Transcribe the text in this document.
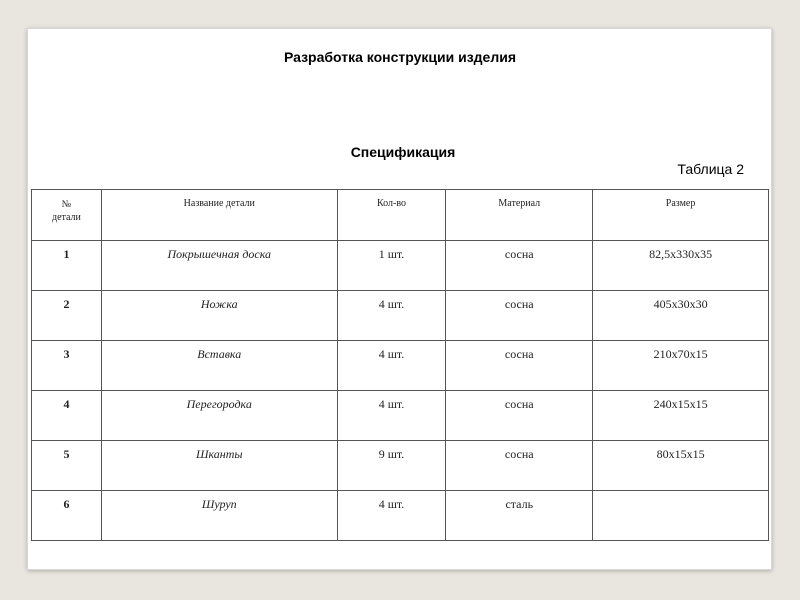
Разработка конструкции изделия
Спецификация
Таблица 2
№
детали	Название детали	Кол-во	Материал	Размер
1	Покрышечная доска	1 шт.	сосна	82,5х330х35
2	Ножка	4 шт.	сосна	405х30х30
3	Вставка	4 шт.	сосна	210х70х15
4	Перегородка	4 шт.	сосна	240х15х15
5	Шканты	9 шт.	сосна	80х15х15
6	Шуруп	4 шт.	сталь	
